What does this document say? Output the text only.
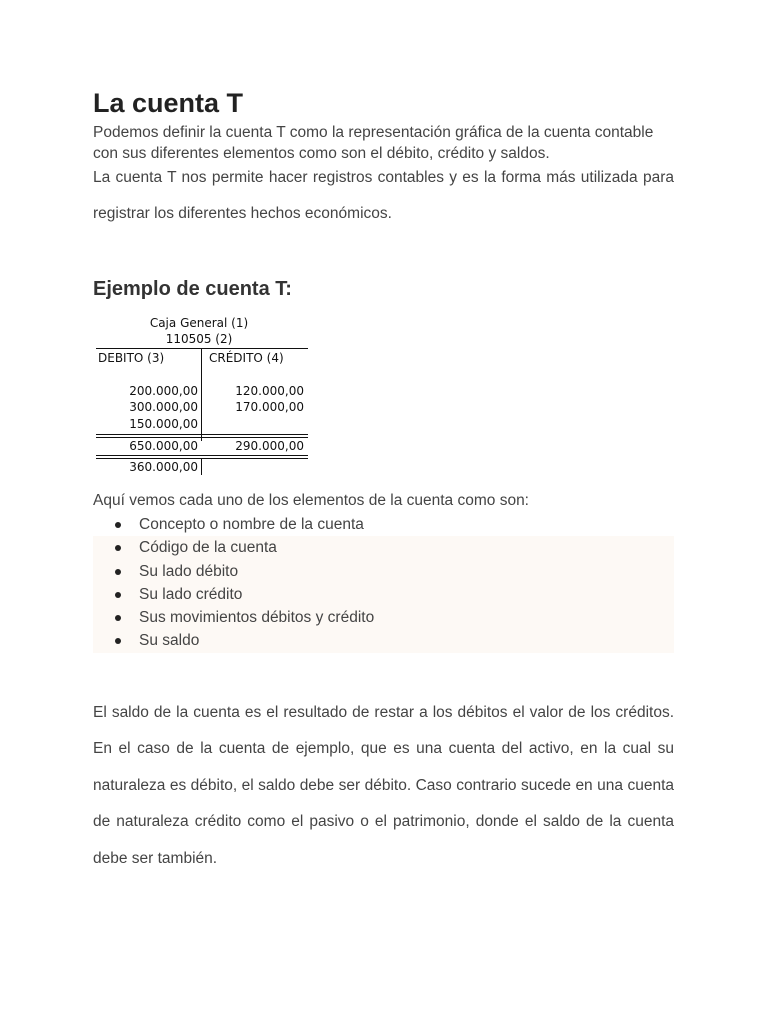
La cuenta T

Podemos definir la cuenta T como la representación gráfica de la cuenta contable con sus diferentes elementos como son el débito, crédito y saldos.

La cuenta T nos permite hacer registros contables y es la forma más utilizada para registrar los diferentes hechos económicos.

Ejemplo de cuenta T:
Caja General (1)
110505 (2)
DEBITO (3)	CRÉDITO (4)
200.000,00
300.000,00
150.000,00
120.000,00
170.000,00
650.000,00	290.000,00
360.000,00

Aquí vemos cada uno de los elementos de la cuenta como son:

Concepto o nombre de la cuenta
Código de la cuenta
Su lado débito
Su lado crédito
Sus movimientos débitos y crédito
Su saldo

El saldo de la cuenta es el resultado de restar a los débitos el valor de los créditos. En el caso de la cuenta de ejemplo, que es una cuenta del activo, en la cual su naturaleza es débito, el saldo debe ser débito. Caso contrario sucede en una cuenta de naturaleza crédito como el pasivo o el patrimonio, donde el saldo de la cuenta debe ser también.
